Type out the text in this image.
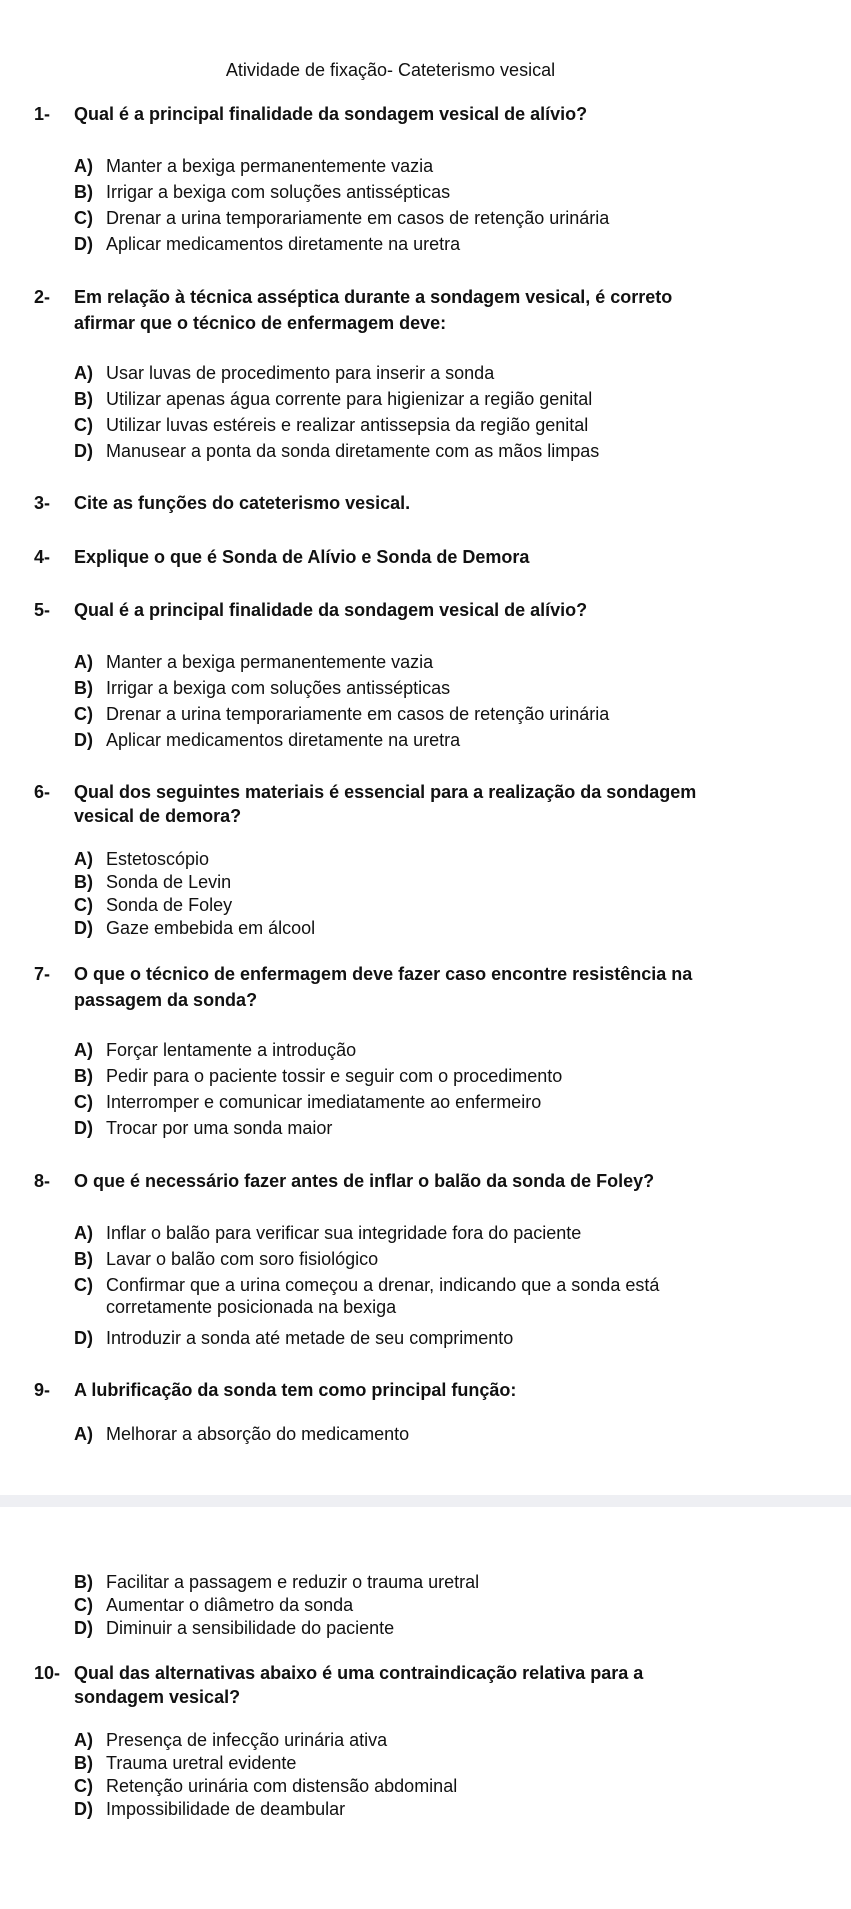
Atividade de fixação- Cateterismo vesical
1- Qual é a principal finalidade da sondagem vesical de alívio?
A) Manter a bexiga permanentemente vazia
B) Irrigar a bexiga com soluções antissépticas
C) Drenar a urina temporariamente em casos de retenção urinária
D) Aplicar medicamentos diretamente na uretra
2- Em relação à técnica asséptica durante a sondagem vesical, é correto
afirmar que o técnico de enfermagem deve:
A) Usar luvas de procedimento para inserir a sonda
B) Utilizar apenas água corrente para higienizar a região genital
C) Utilizar luvas estéreis e realizar antissepsia da região genital
D) Manusear a ponta da sonda diretamente com as mãos limpas
3- Cite as funções do cateterismo vesical.
4- Explique o que é Sonda de Alívio e Sonda de Demora
5- Qual é a principal finalidade da sondagem vesical de alívio?
A) Manter a bexiga permanentemente vazia
B) Irrigar a bexiga com soluções antissépticas
C) Drenar a urina temporariamente em casos de retenção urinária
D) Aplicar medicamentos diretamente na uretra
6- Qual dos seguintes materiais é essencial para a realização da sondagem
vesical de demora?
A) Estetoscópio
B) Sonda de Levin
C) Sonda de Foley
D) Gaze embebida em álcool
7- O que o técnico de enfermagem deve fazer caso encontre resistência na
passagem da sonda?
A) Forçar lentamente a introdução
B) Pedir para o paciente tossir e seguir com o procedimento
C) Interromper e comunicar imediatamente ao enfermeiro
D) Trocar por uma sonda maior
8- O que é necessário fazer antes de inflar o balão da sonda de Foley?
A) Inflar o balão para verificar sua integridade fora do paciente
B) Lavar o balão com soro fisiológico
C) Confirmar que a urina começou a drenar, indicando que a sonda está
corretamente posicionada na bexiga
D) Introduzir a sonda até metade de seu comprimento
9- A lubrificação da sonda tem como principal função:
A) Melhorar a absorção do medicamento
B) Facilitar a passagem e reduzir o trauma uretral
C) Aumentar o diâmetro da sonda
D) Diminuir a sensibilidade do paciente
10- Qual das alternativas abaixo é uma contraindicação relativa para a
sondagem vesical?
A) Presença de infecção urinária ativa
B) Trauma uretral evidente
C) Retenção urinária com distensão abdominal
D) Impossibilidade de deambular
